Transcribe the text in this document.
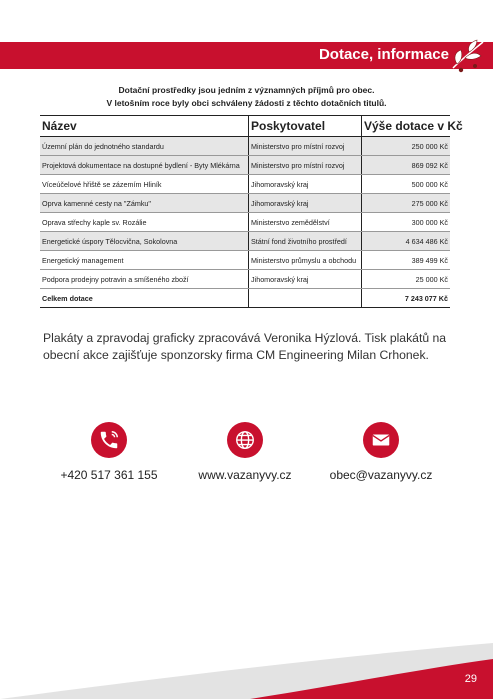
Dotace, informace
Dotační prostředky jsou jedním z významných příjmů pro obec.
V letošním roce byly obci schváleny žádosti z těchto dotačních titulů.
Název	Poskytovatel	Výše dotace v Kč
Územní plán do jednotného standardu	Ministerstvo pro místní rozvoj	250 000 Kč
Projektová dokumentace na dostupné bydlení - Byty Mlékárna	Ministerstvo pro místní rozvoj	869 092 Kč
Víceúčelové hřiště se zázemím Hliník	Jihomoravský kraj	500 000 Kč
Oprva kamenné cesty na "Zámku"	Jihomoravský kraj	275 000 Kč
Oprava střechy kaple sv. Rozálie	Ministerstvo zemědělství	300 000 Kč
Energetické úspory Tělocvična, Sokolovna	Státní fond životního prostředí	4 634 486 Kč
Energetický management	Ministerstvo průmyslu a obchodu	389 499 Kč
Podpora prodejny potravin a smíšeného zboží	Jihomoravský kraj	25 000 Kč
Celkem dotace		7 243 077 Kč
Plakáty a zpravodaj graficky zpracovává Veronika Hýzlová. Tisk plakátů na obecní akce zajišťuje sponzorsky firma CM Engineering Milan Crhonek.
+420 517 361 155	www.vazanyvy.cz	obec@vazanyvy.cz
29
